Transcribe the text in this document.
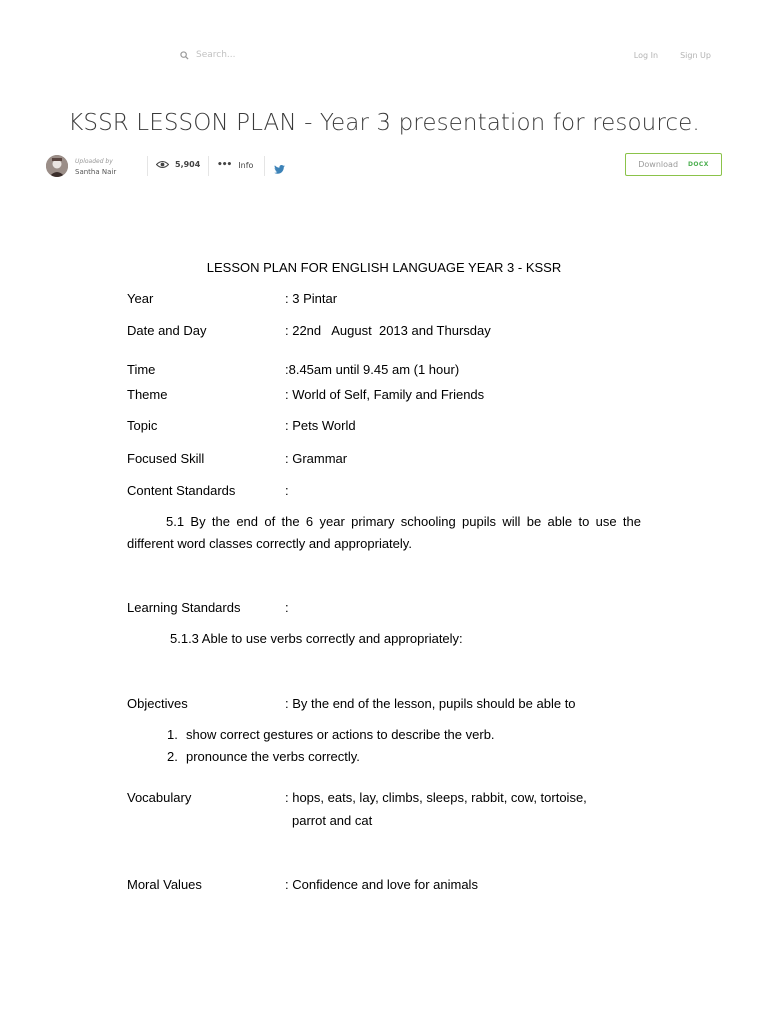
Search...
Log In	Sign Up
KSSR LESSON PLAN - Year 3 presentation for resource.
Uploaded by
Santha Nair
5,904 ••• Info	Download DOCX
LESSON PLAN FOR ENGLISH LANGUAGE YEAR 3 - KSSR
Year	: 3 Pintar
Date and Day	: 22nd   August  2013 and Thursday
Time	:8.45am until 9.45 am (1 hour)
Theme	: World of Self, Family and Friends
Topic	: Pets World
Focused Skill	: Grammar
Content Standards	:

5.1 By the end of the 6 year primary schooling pupils will be able to use the different word classes correctly and appropriately.

Learning Standards	:
5.1.3 Able to use verbs correctly and appropriately:
Objectives	: By the end of the lesson, pupils should be able to
1. show correct gestures or actions to describe the verb.
2. pronounce the verbs correctly.
Vocabulary	: hops, eats, lay, climbs, sleeps, rabbit, cow, tortoise,
parrot and cat
Moral Values	: Confidence and love for animals
